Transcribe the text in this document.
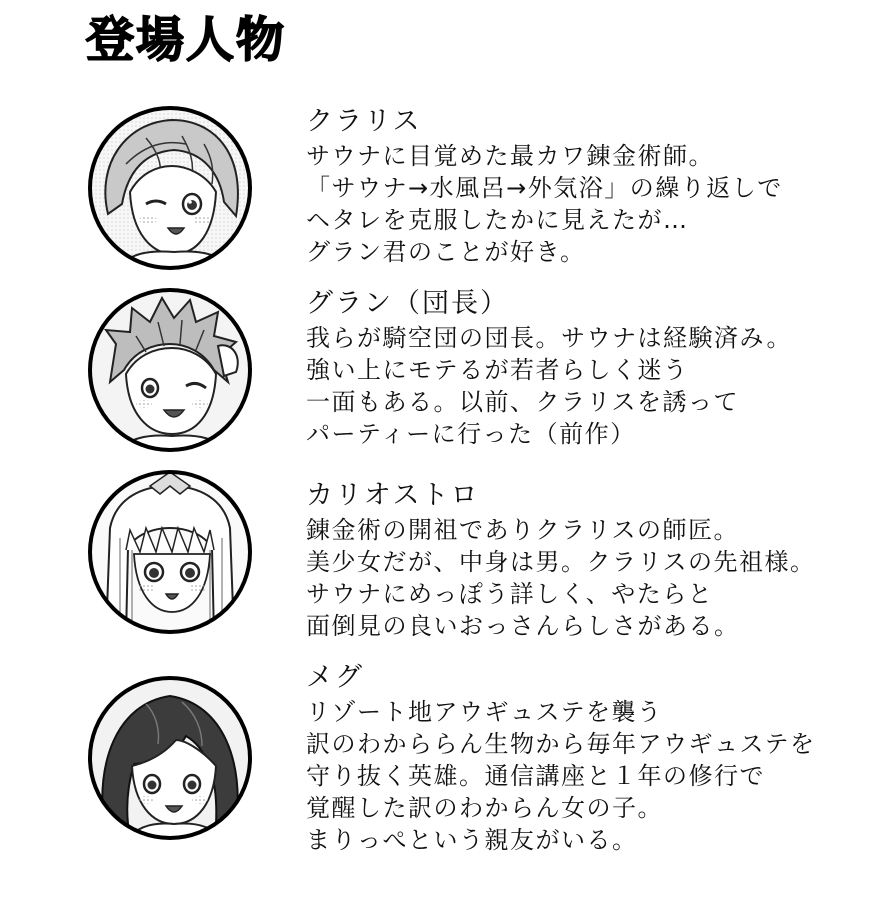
登場人物
クラリス
サウナに目覚めた最カワ錬金術師。
「サウナ→水風呂→外気浴」の繰り返しで
ヘタレを克服したかに見えたが…
グラン君のことが好き。
グラン（団長）
我らが騎空団の団長。サウナは経験済み。
強い上にモテるが若者らしく迷う
一面もある。以前、クラリスを誘って
パーティーに行った（前作）
カリオストロ
錬金術の開祖でありクラリスの師匠。
美少女だが、中身は男。クラリスの先祖様。
サウナにめっぽう詳しく、やたらと
面倒見の良いおっさんらしさがある。
メグ
リゾート地アウギュステを襲う
訳のわかららん生物から毎年アウギュステを
守り抜く英雄。通信講座と１年の修行で
覚醒した訳のわからん女の子。
まりっぺという親友がいる。
